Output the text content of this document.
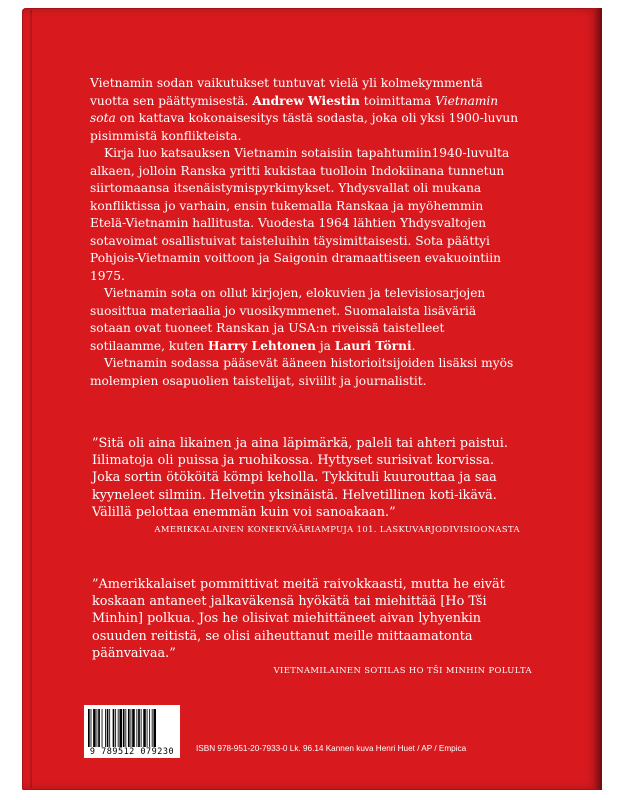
Vietnamin sodan vaikutukset tuntuvat vielä yli kolmekymmentä vuotta sen päättymisestä. Andrew Wiestin toimittama Vietnamin sota on kattava kokonaisesitys tästä sodasta, joka oli yksi 1900-luvun pisimmistä konflikteista.

Kirja luo katsauksen Vietnamin sotaisiin tapahtumiin1940-luvulta alkaen, jolloin Ranska yritti kukistaa tuolloin Indokiinana tunnetun siirtomaansa itsenäistymispyrkimykset. Yhdysvallat oli mukana konfliktissa jo varhain, ensin tukemalla Ranskaa ja myöhemmin Etelä-Vietnamin hallitusta. Vuodesta 1964 lähtien Yhdysvaltojen sotavoimat osallistuivat taisteluihin täysimittaisesti. Sota päättyi Pohjois-Vietnamin voittoon ja Saigonin dramaattiseen evakuointiin 1975.

Vietnamin sota on ollut kirjojen, elokuvien ja televisiosarjojen suosittua materiaalia jo vuosikymmenet. Suomalaista lisäväriä sotaan ovat tuoneet Ranskan ja USA:n riveissä taistelleet sotilaamme, kuten Harry Lehtonen ja Lauri Törni.

Vietnamin sodassa pääsevät ääneen historioitsijoiden lisäksi myös molempien osapuolien taistelijat, siviilit ja journalistit.

”Sitä oli aina likainen ja aina läpimärkä, paleli tai ahteri paistui. Iilimatoja oli puissa ja ruohikossa. Hyttyset surisivat korvissa. Joka sortin ötököitä kömpi keholla. Tykkituli kuurouttaa ja saa kyyneleet silmiin. Helvetin yksinäistä. Helvetillinen koti-ikävä. Välillä pelottaa enemmän kuin voi sanoakaan.”
AMERIKKALAINEN KONEKIVÄÄRIAMPUJA 101. LASKUVARJODIVISIOONASTA
”Amerikkalaiset pommittivat meitä raivokkaasti, mutta he eivät koskaan antaneet jalkaväkensä hyökätä tai miehittää [Ho Tši Minhin] polkua. Jos he olisivat miehittäneet aivan lyhyenkin osuuden reitistä, se olisi aiheuttanut meille mittaamatonta päänvaivaa.”
VIETNAMILAINEN SOTILAS HO TŠI MINHIN POLULTA
9 789512 079230	ISBN 978-951-20-7933-0 Lk. 96.14 Kannen kuva Henri Huet / AP / Empica
